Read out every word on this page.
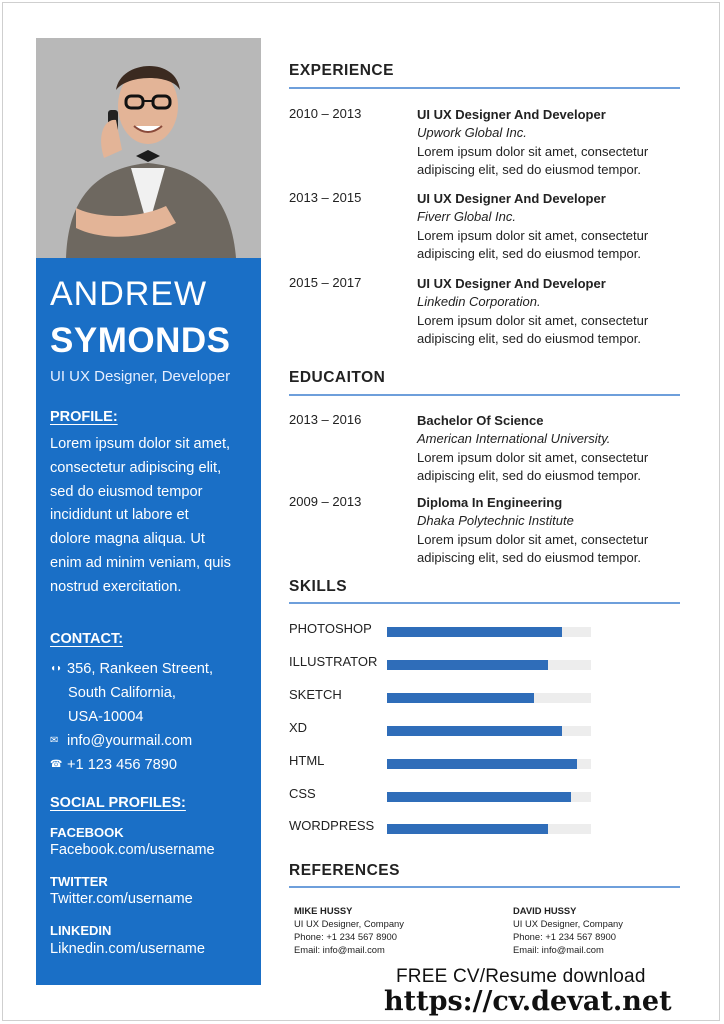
ANDREW
SYMONDS
UI UX Designer, Developer
PROFILE:
Lorem ipsum dolor sit amet,
consectetur adipiscing elit,
sed do eiusmod tempor
incididunt ut labore et
dolore magna aliqua. Ut
enim ad minim veniam, quis
nostrud exercitation.
CONTACT:
◖◗ 356, Rankeen Streent,
South California,
USA-10004
✉ info@yourmail.com
☎ +1 123 456 7890
SOCIAL PROFILES:
FACEBOOK
Facebook.com/username
TWITTER
Twitter.com/username
LINKEDIN
Liknedin.com/username
EXPERIENCE
2010 – 2013	UI UX Designer And Developer
Upwork Global Inc.
Lorem ipsum dolor sit amet, consectetur
adipiscing elit, sed do eiusmod tempor.
2013 – 2015	UI UX Designer And Developer
Fiverr Global Inc.
Lorem ipsum dolor sit amet, consectetur
adipiscing elit, sed do eiusmod tempor.
2015 – 2017	UI UX Designer And Developer
Linkedin Corporation.
Lorem ipsum dolor sit amet, consectetur
adipiscing elit, sed do eiusmod tempor.
EDUCAITON
2013 – 2016	Bachelor Of Science
American International University.
Lorem ipsum dolor sit amet, consectetur
adipiscing elit, sed do eiusmod tempor.
2009 – 2013	Diploma In Engineering
Dhaka Polytechnic Institute
Lorem ipsum dolor sit amet, consectetur
adipiscing elit, sed do eiusmod tempor.
SKILLS
PHOTOSHOP
ILLUSTRATOR
SKETCH
XD
HTML
CSS
WORDPRESS
REFERENCES
MIKE HUSSY
UI UX Designer, Company
Phone: +1 234 567 8900
Email: info@mail.com
DAVID HUSSY
UI UX Designer, Company
Phone: +1 234 567 8900
Email: info@mail.com
FREE CV/Resume download
https://cv.devat.net
